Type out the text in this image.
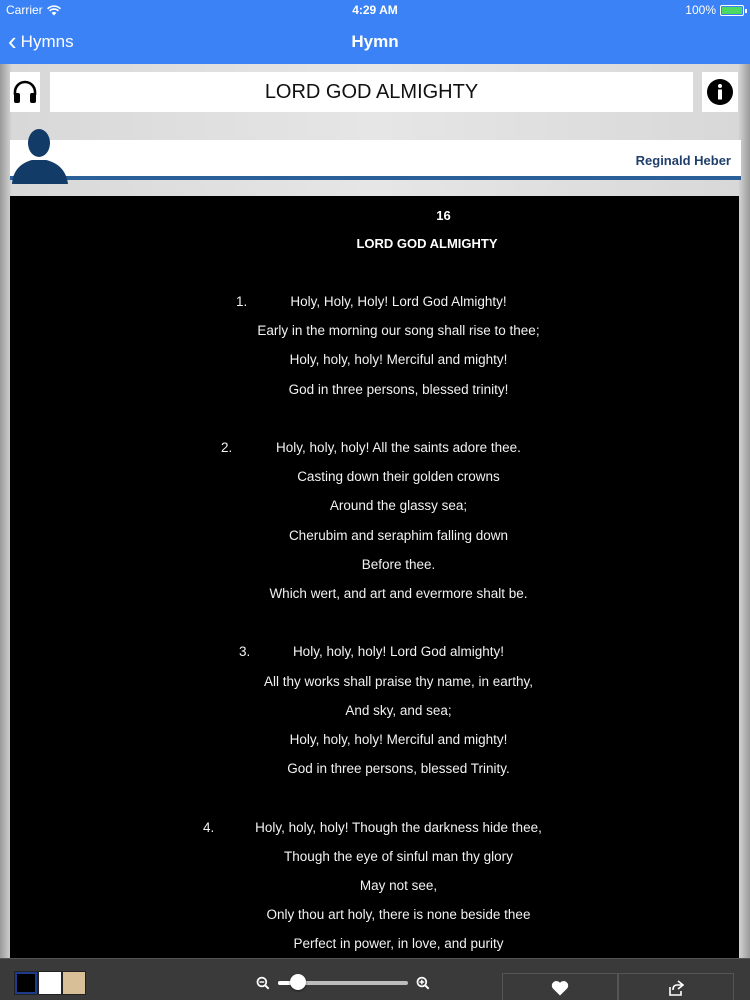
Carrier	4:29 AM	100%
‹ Hymns	Hymn
LORD GOD ALMIGHTY
Reginald Heber
16
LORD GOD ALMIGHTY
1.	Holy, Holy, Holy! Lord God Almighty!
Early in the morning our song shall rise to thee;
Holy, holy, holy! Merciful and mighty!
God in three persons, blessed trinity!
2.	Holy, holy, holy! All the saints adore thee.
Casting down their golden crowns
Around the glassy sea;
Cherubim and seraphim falling down
Before thee.
Which wert, and art and evermore shalt be.
3.	Holy, holy, holy! Lord God almighty!
All thy works shall praise thy name, in earthy,
And sky, and sea;
Holy, holy, holy! Merciful and mighty!
God in three persons, blessed Trinity.
4.	Holy, holy, holy! Though the darkness hide thee,
Though the eye of sinful man thy glory
May not see,
Only thou art holy, there is none beside thee
Perfect in power, in love, and purity
